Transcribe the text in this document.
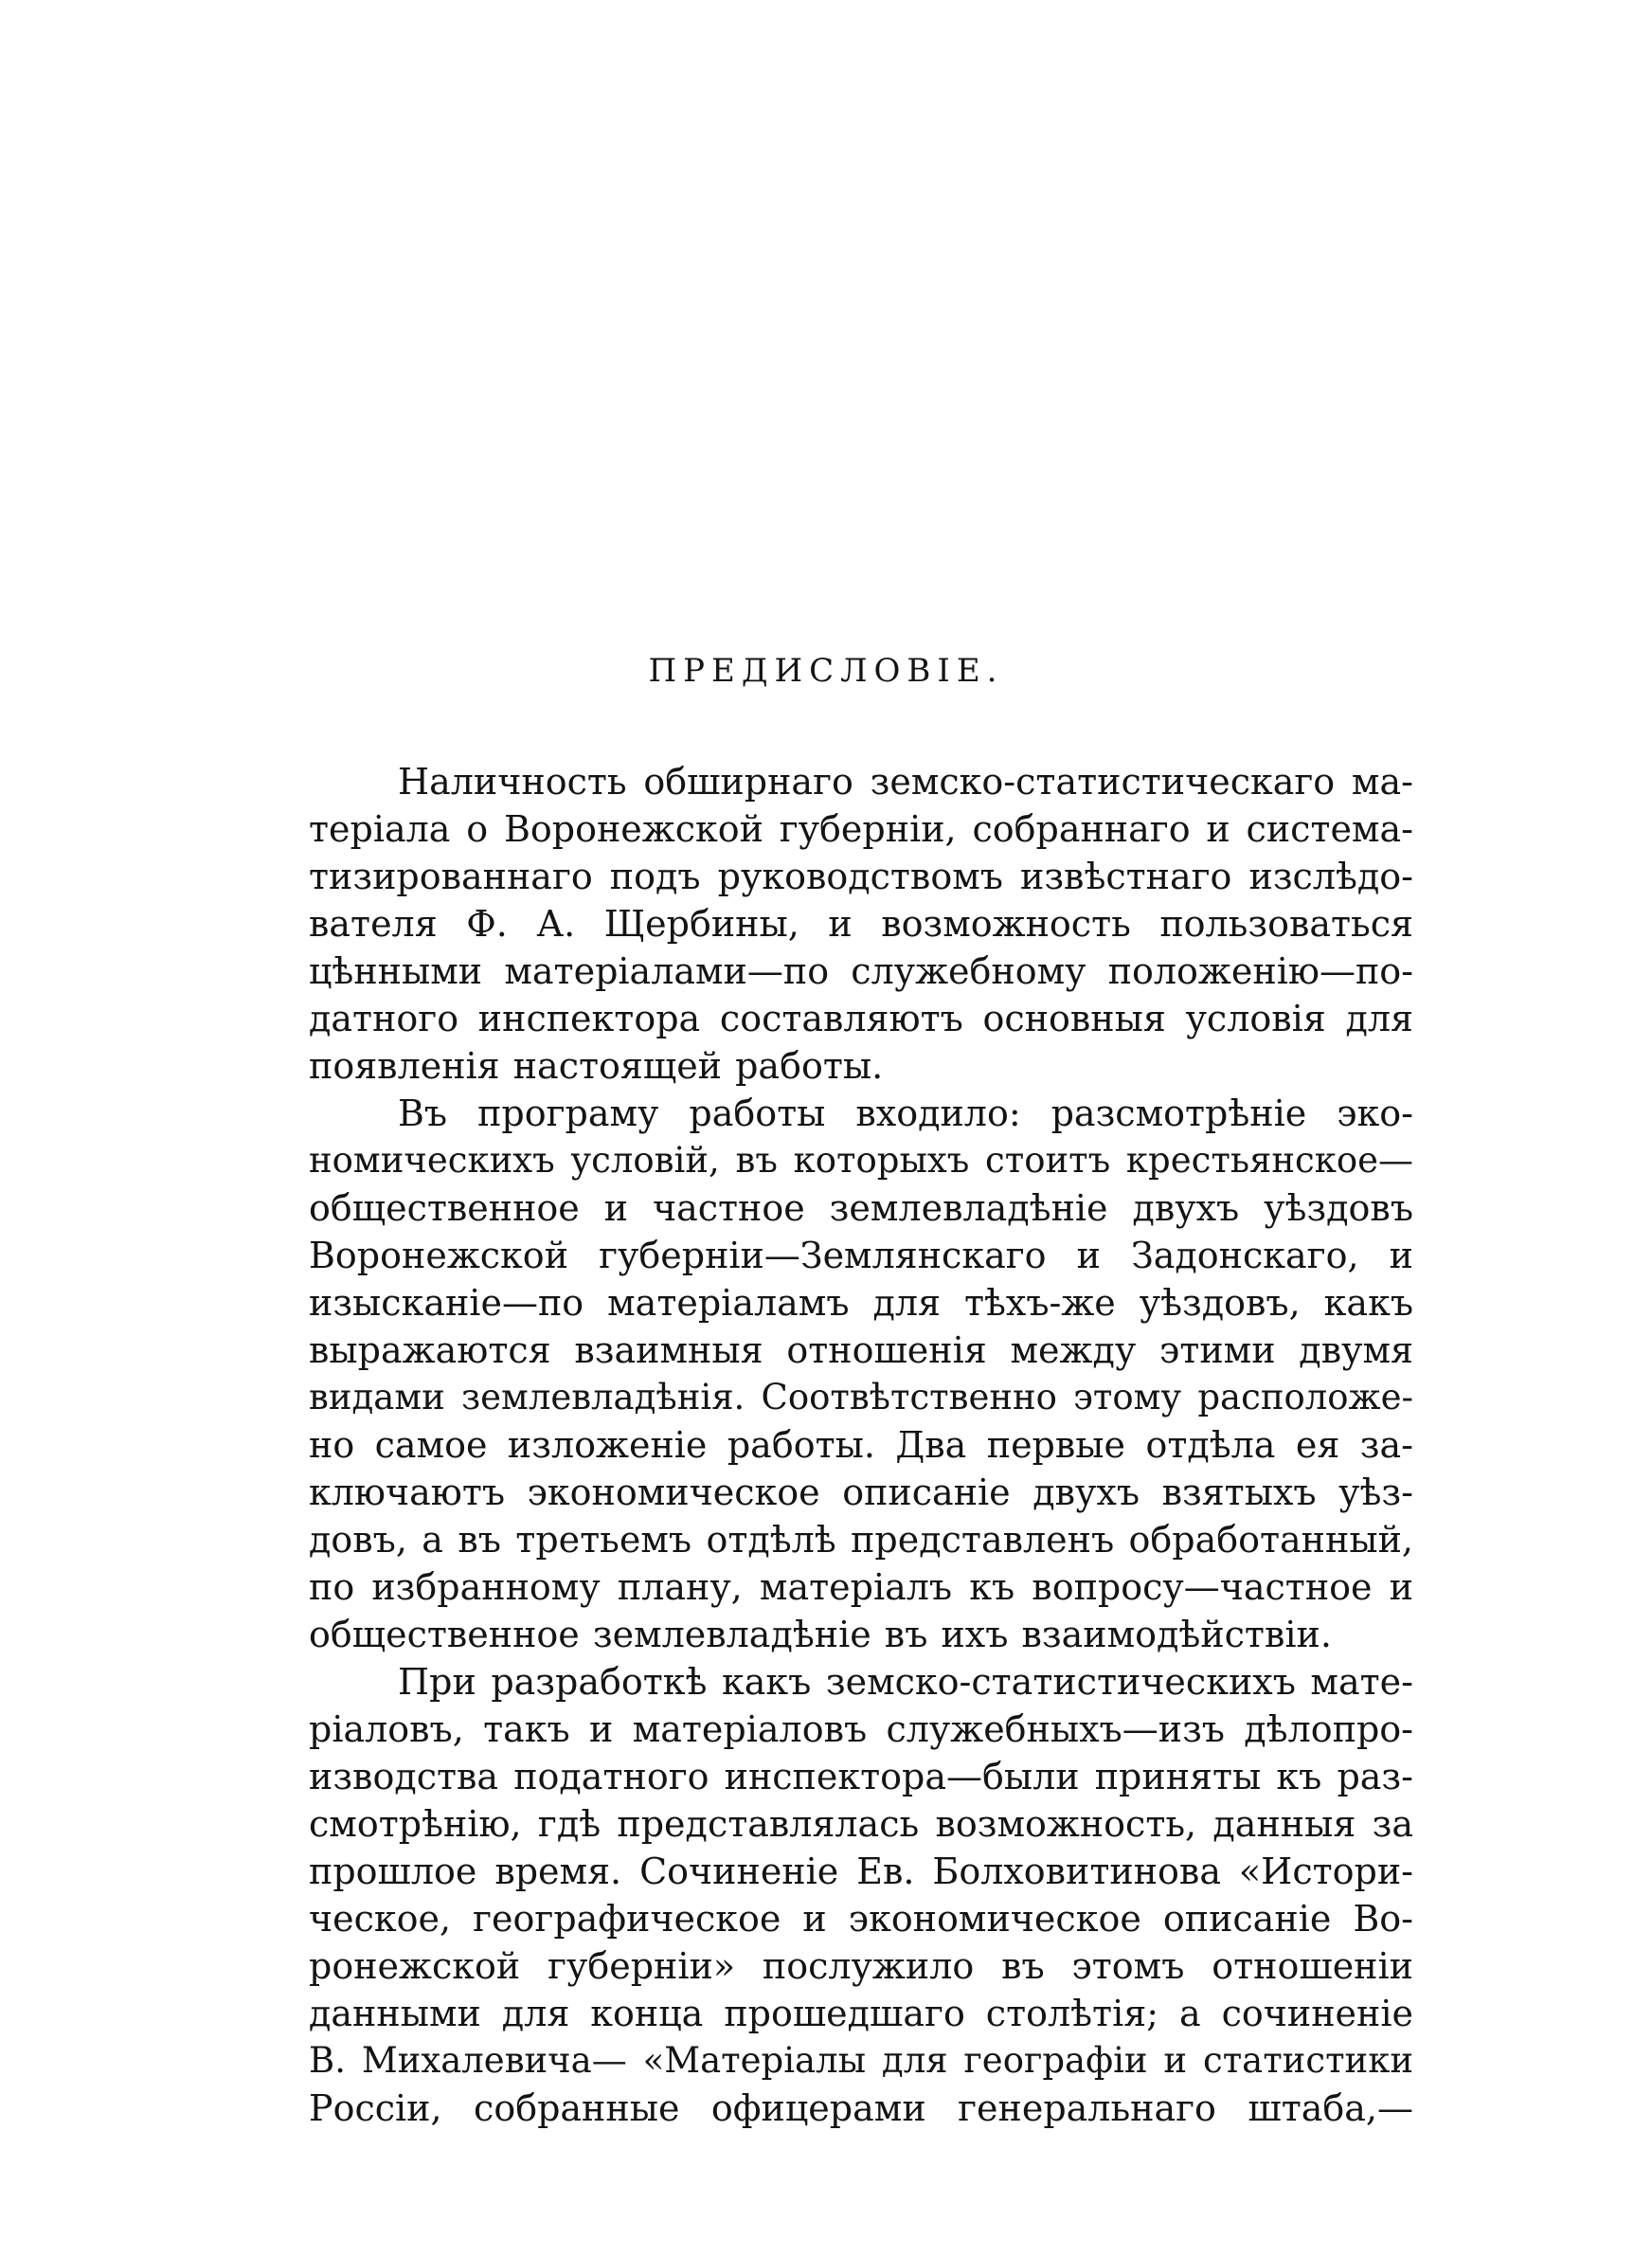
ПРЕДИСЛОВІЕ.
Наличность обширнаго земско-статистическаго ма-
теріала о Воронежской губерніи, собраннаго и система-
тизированнаго подъ руководствомъ извѣстнаго изслѣдо-
вателя Ф. А. Щербины, и возможность пользоваться
цѣнными матеріалами—по служебному положенію—по-
датного инспектора составляютъ основныя условія для
появленія настоящей работы.
Въ програму работы входило: разсмотрѣніе эко-
номическихъ условій, въ которыхъ стоитъ крестьянское—
общественное и частное землевладѣніе двухъ уѣздовъ
Воронежской губерніи—Землянскаго и Задонскаго, и
изысканіе—по матеріаламъ для тѣхъ-же уѣздовъ, какъ
выражаются взаимныя отношенія между этими двумя
видами землевладѣнія. Соотвѣтственно этому расположе-
но самое изложеніе работы. Два первые отдѣла ея за-
ключаютъ экономическое описаніе двухъ взятыхъ уѣз-
довъ, а въ третьемъ отдѣлѣ представленъ обработанный,
по избранному плану, матеріалъ къ вопросу—частное и
общественное землевладѣніе въ ихъ взаимодѣйствіи.
При разработкѣ какъ земско-статистическихъ мате-
ріаловъ, такъ и матеріаловъ служебныхъ—изъ дѣлопро-
изводства податного инспектора—были приняты къ раз-
смотрѣнію, гдѣ представлялась возможность, данныя за
прошлое время. Сочиненіе Ев. Болховитинова «Истори-
ческое, географическое и экономическое описаніе Во-
ронежской губерніи» послужило въ этомъ отношеніи
данными для конца прошедшаго столѣтія; а сочиненіе
В. Михалевича— «Матеріалы для географіи и статистики
Россіи, собранные офицерами генеральнаго штаба,—
